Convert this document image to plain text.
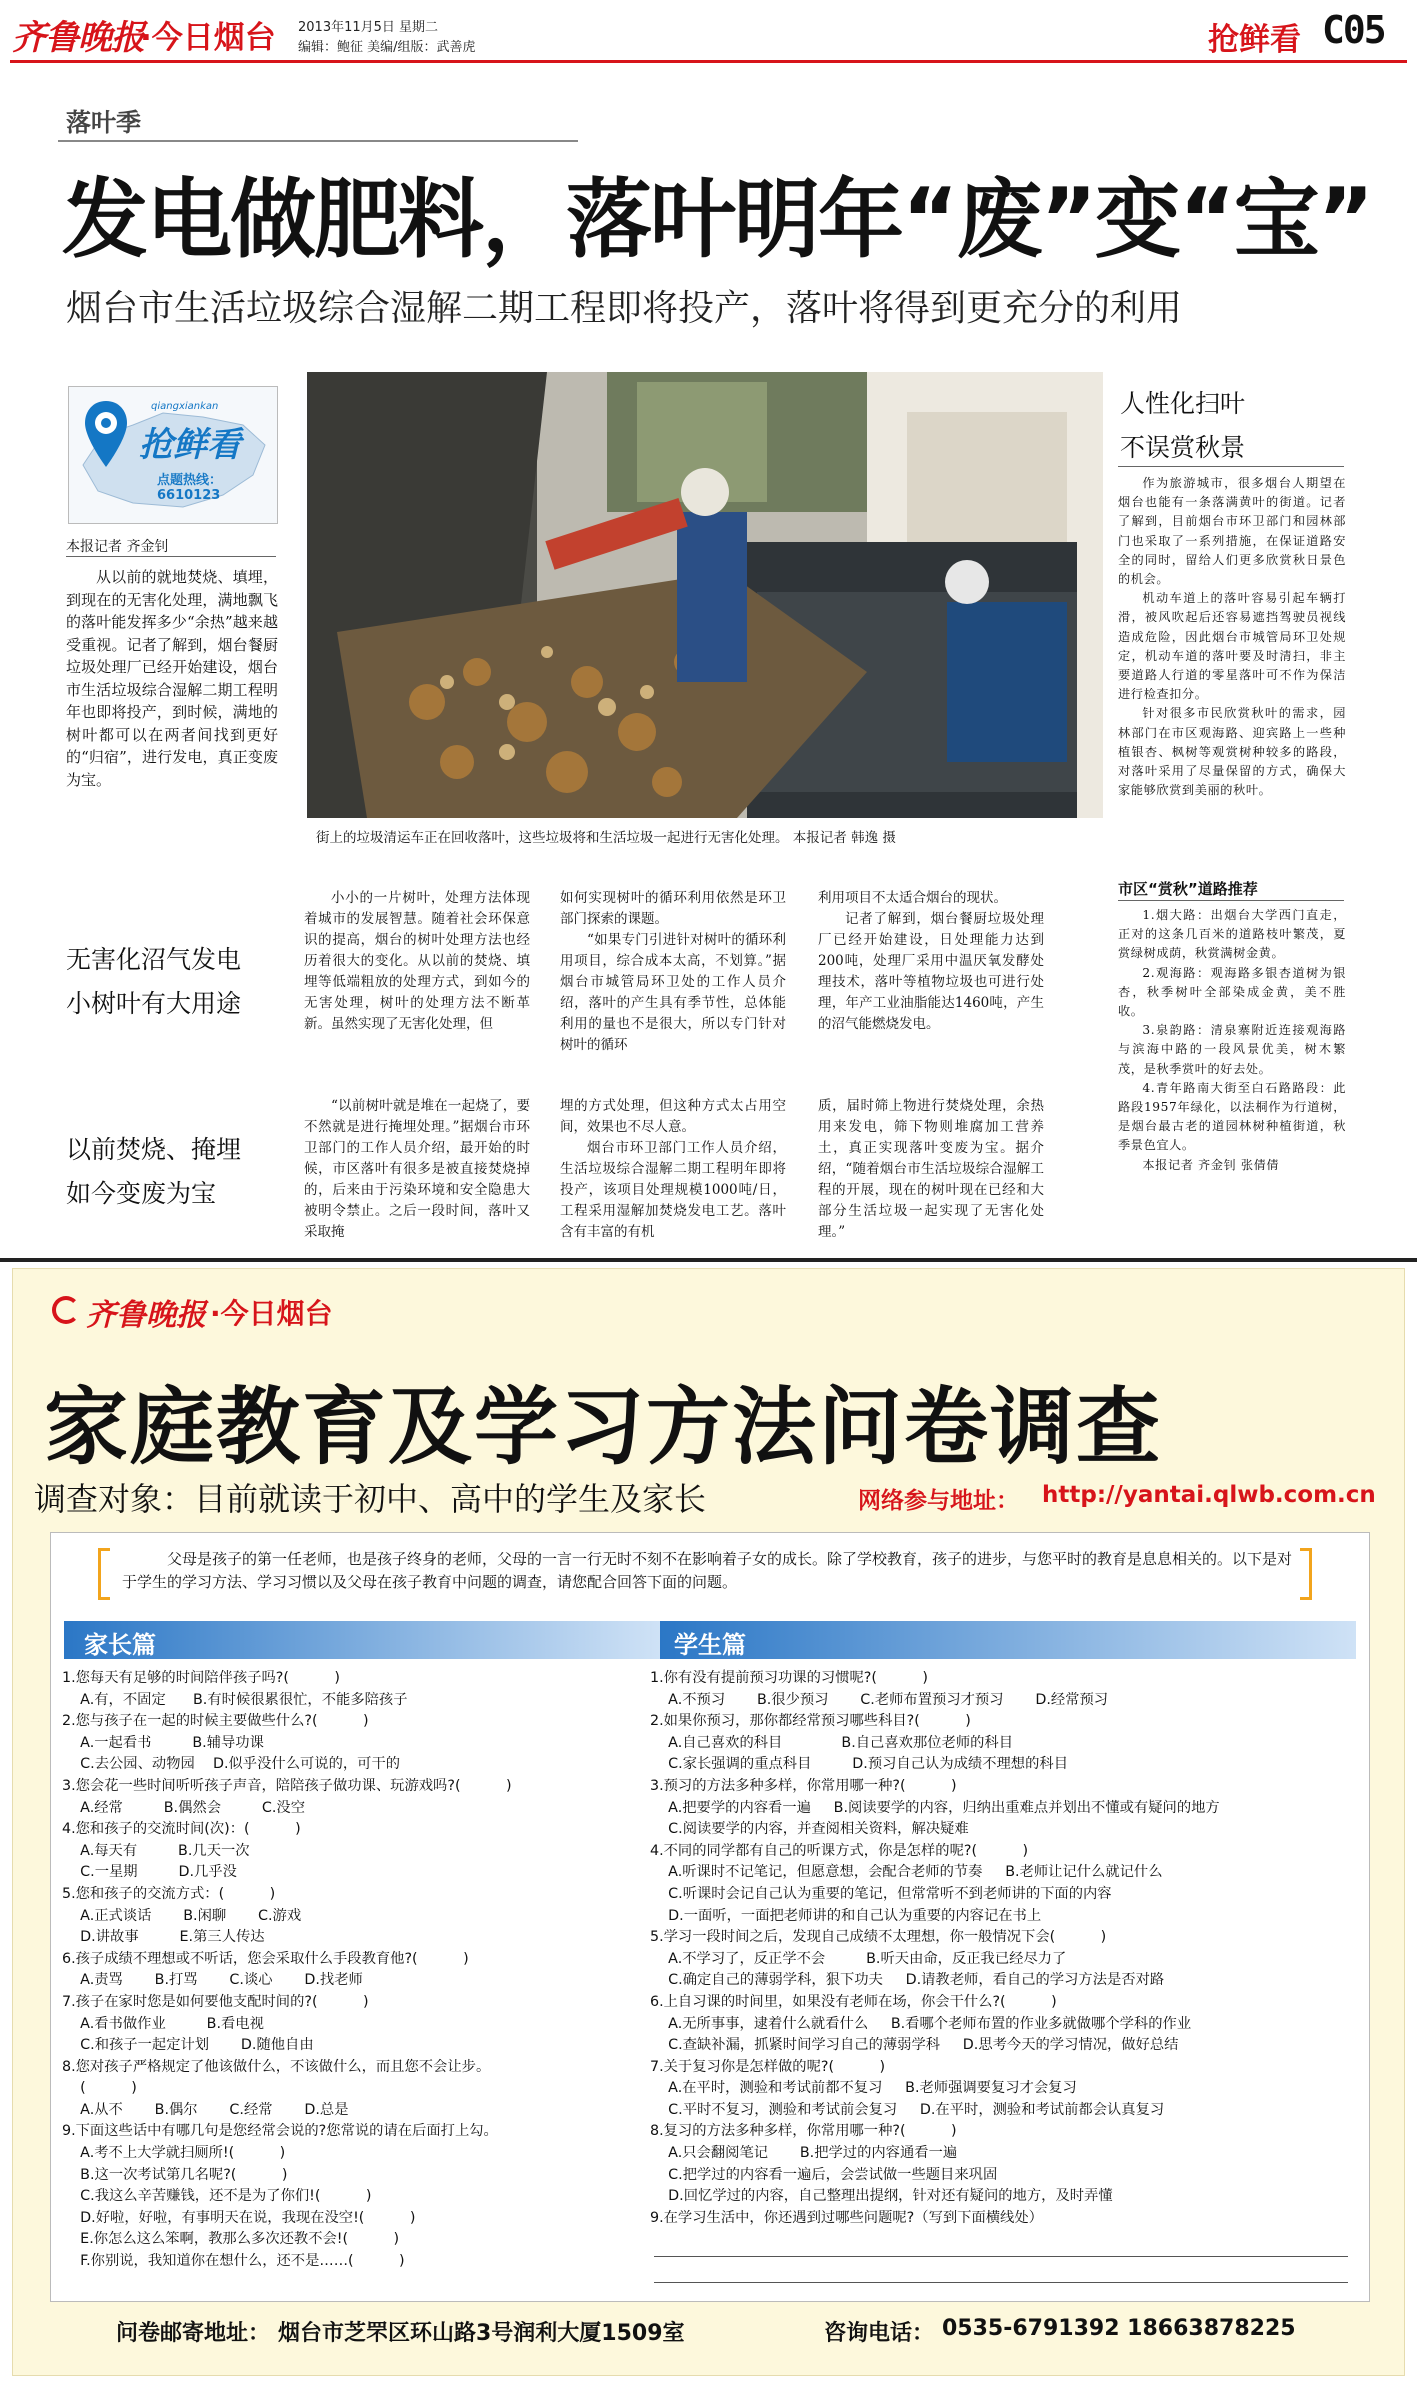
齐鲁晚报
·今日烟台 2013年11月5日 星期二
编辑：鲍征 美编/组版：武善虎	抢鲜看 C05
落叶季
发电做肥料，落叶明年“废”变“宝”
烟台市生活垃圾综合湿解二期工程即将投产，落叶将得到更充分的利用
qiangxiankan
抢鲜看
点题热线：6610123
本报记者 齐金钊

从以前的就地焚烧、填埋，到现在的无害化处理，满地飘飞的落叶能发挥多少“余热”越来越受重视。记者了解到，烟台餐厨垃圾处理厂已经开始建设，烟台市生活垃圾综合湿解二期工程明年也即将投产，到时候，满地的树叶都可以在两者间找到更好的“归宿”，进行发电，真正变废为宝。

街上的垃圾清运车正在回收落叶，这些垃圾将和生活垃圾一起进行无害化处理。 本报记者 韩逸 摄
人性化扫叶
不误赏秋景

作为旅游城市，很多烟台人期望在烟台也能有一条落满黄叶的街道。记者了解到，目前烟台市环卫部门和园林部门也采取了一系列措施，在保证道路安全的同时，留给人们更多欣赏秋日景色的机会。

机动车道上的落叶容易引起车辆打滑，被风吹起后还容易遮挡驾驶员视线造成危险，因此烟台市城管局环卫处规定，机动车道的落叶要及时清扫，非主要道路人行道的零星落叶可不作为保洁进行检查扣分。

针对很多市民欣赏秋叶的需求，园林部门在市区观海路、迎宾路上一些种植银杏、枫树等观赏树种较多的路段，对落叶采用了尽量保留的方式，确保大家能够欣赏到美丽的秋叶。

市区“赏秋”道路推荐

1.烟大路：出烟台大学西门直走，正对的这条几百米的道路枝叶繁茂，夏赏绿树成荫，秋赏满树金黄。

2.观海路：观海路多银杏道树为银杏，秋季树叶全部染成金黄，美不胜收。

3.泉韵路：清泉寨附近连接观海路与滨海中路的一段风景优美，树木繁茂，是秋季赏叶的好去处。

4.青年路南大街至白石路路段：此路段1957年绿化，以法桐作为行道树，是烟台最古老的道园林树种植街道，秋季景色宜人。

本报记者 齐金钊 张倩倩

无害化沼气发电
小树叶有大用途
以前焚烧、掩埋
如今变废为宝

小小的一片树叶，处理方法体现着城市的发展智慧。随着社会环保意识的提高，烟台的树叶处理方法也经历着很大的变化。从以前的焚烧、填埋等低端粗放的处理方式，到如今的无害处理，树叶的处理方法不断革新。虽然实现了无害化处理，但

如何实现树叶的循环利用依然是环卫部门探索的课题。

“如果专门引进针对树叶的循环利用项目，综合成本太高，不划算。”据烟台市城管局环卫处的工作人员介绍，落叶的产生具有季节性，总体能利用的量也不是很大，所以专门针对树叶的循环

利用项目不太适合烟台的现状。

记者了解到，烟台餐厨垃圾处理厂已经开始建设，日处理能力达到200吨，处理厂采用中温厌氧发酵处理技术，落叶等植物垃圾也可进行处理，年产工业油脂能达1460吨，产生的沼气能燃烧发电。

“以前树叶就是堆在一起烧了，要不然就是进行掩埋处理。”据烟台市环卫部门的工作人员介绍，最开始的时候，市区落叶有很多是被直接焚烧掉的，后来由于污染环境和安全隐患大被明令禁止。之后一段时间，落叶又采取掩

埋的方式处理，但这种方式太占用空间，效果也不尽人意。

烟台市环卫部门工作人员介绍，生活垃圾综合湿解二期工程明年即将投产，该项目处理规模1000吨/日，工程采用湿解加焚烧发电工艺。落叶含有丰富的有机

质，届时筛上物进行焚烧处理，余热用来发电，筛下物则堆腐加工营养土，真正实现落叶变废为宝。据介绍，“随着烟台市生活垃圾综合湿解工程的开展，现在的树叶现在已经和大部分生活垃圾一起实现了无害化处理。”

齐鲁晚报 ·今日烟台
家庭教育及学习方法问卷调查
调查对象：目前就读于初中、高中的学生及家长	网络参与地址： http://yantai.qlwb.com.cn
父母是孩子的第一任老师，也是孩子终身的老师，父母的一言一行无时不刻不在影响着子女的成长。除了学校教育，孩子的进步，与您平时的教育是息息相关的。以下是对于学生的学习方法、学习习惯以及父母在孩子教育中问题的调查，请您配合回答下面的问题。
家长篇	学生篇
1.您每天有足够的时间陪伴孩子吗?(          )
A.有，不固定      B.有时候很累很忙，不能多陪孩子
2.您与孩子在一起的时候主要做些什么?(          )
A.一起看书         B.辅导功课
C.去公园、动物园    D.似乎没什么可说的，可干的
3.您会花一些时间听听孩子声音，陪陪孩子做功课、玩游戏吗?(          )
A.经常         B.偶然会         C.没空
4.您和孩子的交流时间(次)：(          )
A.每天有         B.几天一次
C.一星期         D.几乎没
5.您和孩子的交流方式：(          )
A.正式谈话       B.闲聊       C.游戏
D.讲故事         E.第三人传达
6.孩子成绩不理想或不听话，您会采取什么手段教育他?(          )
A.责骂       B.打骂       C.谈心       D.找老师
7.孩子在家时您是如何要他支配时间的?(          )
A.看书做作业         B.看电视
C.和孩子一起定计划       D.随他自由
8.您对孩子严格规定了他该做什么，不该做什么，而且您不会让步。
(          )
A.从不       B.偶尔       C.经常       D.总是
9.下面这些话中有哪几句是您经常会说的?您常说的请在后面打上勾。
A.考不上大学就扫厕所!(          )
B.这一次考试第几名呢?(          )
C.我这么辛苦赚钱，还不是为了你们!(          )
D.好啦，好啦，有事明天在说，我现在没空!(          )
E.你怎么这么笨啊，教那么多次还教不会!(          )
F.你别说，我知道你在想什么，还不是……(          )
1.你有没有提前预习功课的习惯呢?(          )
A.不预习       B.很少预习       C.老师布置预习才预习       D.经常预习
2.如果你预习，那你都经常预习哪些科目?(          )
A.自己喜欢的科目             B.自己喜欢那位老师的科目
C.家长强调的重点科目         D.预习自己认为成绩不理想的科目
3.预习的方法多种多样，你常用哪一种?(          )
A.把要学的内容看一遍     B.阅读要学的内容，归纳出重难点并划出不懂或有疑问的地方
C.阅读要学的内容，并查阅相关资料，解决疑难
4.不同的同学都有自己的听课方式，你是怎样的呢?(          )
A.听课时不记笔记，但愿意想，会配合老师的节奏     B.老师让记什么就记什么
C.听课时会记自己认为重要的笔记，但常常听不到老师讲的下面的内容
D.一面听，一面把老师讲的和自己认为重要的内容记在书上
5.学习一段时间之后，发现自己成绩不太理想，你一般情况下会(          )
A.不学习了，反正学不会         B.听天由命，反正我已经尽力了
C.确定自己的薄弱学科，狠下功夫     D.请教老师，看自己的学习方法是否对路
6.上自习课的时间里，如果没有老师在场，你会干什么?(          )
A.无所事事，逮着什么就看什么     B.看哪个老师布置的作业多就做哪个学科的作业
C.查缺补漏，抓紧时间学习自己的薄弱学科     D.思考今天的学习情况，做好总结
7.关于复习你是怎样做的呢?(          )
A.在平时，测验和考试前都不复习     B.老师强调要复习才会复习
C.平时不复习，测验和考试前会复习     D.在平时，测验和考试前都会认真复习
8.复习的方法多种多样，你常用哪一种?(          )
A.只会翻阅笔记       B.把学过的内容通看一遍
C.把学过的内容看一遍后，会尝试做一些题目来巩固
D.回忆学过的内容，自己整理出提纲，针对还有疑问的地方，及时弄懂
9.在学习生活中，你还遇到过哪些问题呢?（写到下面横线处）
问卷邮寄地址： 烟台市芝罘区环山路3号润利大厦1509室	咨询电话： 0535-6791392 18663878225
